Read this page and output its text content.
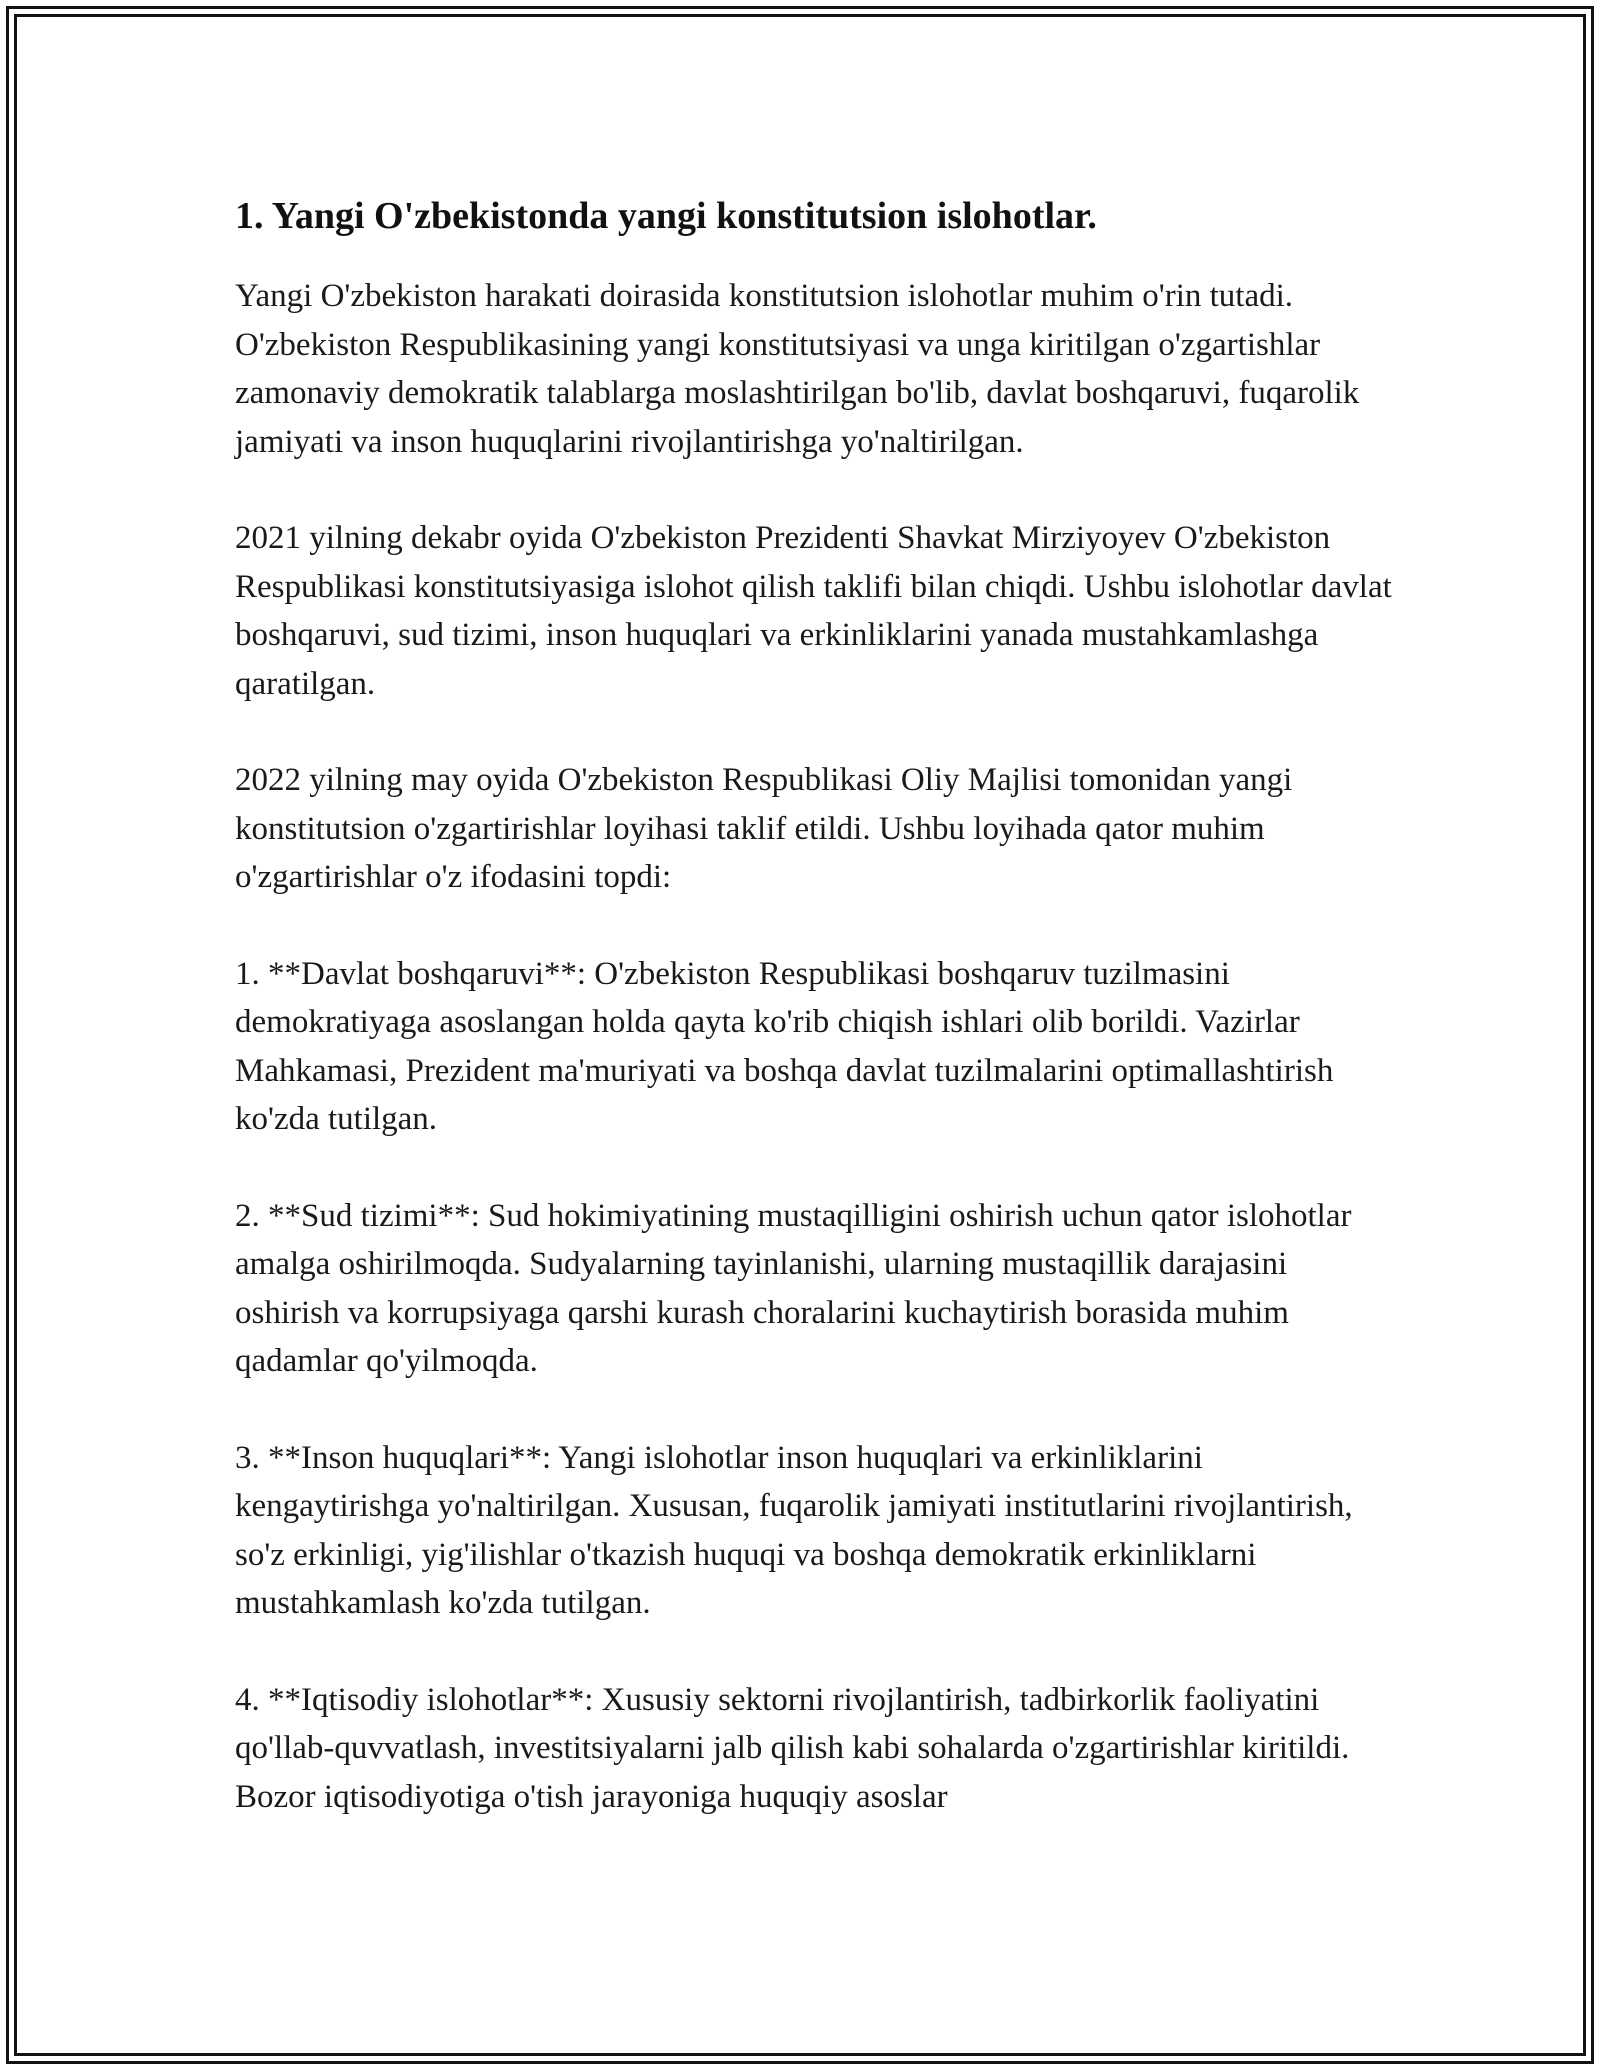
1. Yangi O'zbekistonda yangi konstitutsion islohotlar.

Yangi O'zbekiston harakati doirasida konstitutsion islohotlar muhim o'rin tutadi. O'zbekiston Respublikasining yangi konstitutsiyasi va unga kiritilgan o'zgartishlar zamonaviy demokratik talablarga moslashtirilgan bo'lib, davlat boshqaruvi, fuqarolik jamiyati va inson huquqlarini rivojlantirishga yo'naltirilgan.

2021 yilning dekabr oyida O'zbekiston Prezidenti Shavkat Mirziyoyev O'zbekiston Respublikasi konstitutsiyasiga islohot qilish taklifi bilan chiqdi. Ushbu islohotlar davlat boshqaruvi, sud tizimi, inson huquqlari va erkinliklarini yanada mustahkamlashga qaratilgan.

2022 yilning may oyida O'zbekiston Respublikasi Oliy Majlisi tomonidan yangi konstitutsion o'zgartirishlar loyihasi taklif etildi. Ushbu loyihada qator muhim o'zgartirishlar o'z ifodasini topdi:

1. **Davlat boshqaruvi**: O'zbekiston Respublikasi boshqaruv tuzilmasini demokratiyaga asoslangan holda qayta ko'rib chiqish ishlari olib borildi. Vazirlar Mahkamasi, Prezident ma'muriyati va boshqa davlat tuzilmalarini optimallashtirish ko'zda tutilgan.

2. **Sud tizimi**: Sud hokimiyatining mustaqilligini oshirish uchun qator islohotlar amalga oshirilmoqda. Sudyalarning tayinlanishi, ularning mustaqillik darajasini oshirish va korrupsiyaga qarshi kurash choralarini kuchaytirish borasida muhim qadamlar qo'yilmoqda.

3. **Inson huquqlari**: Yangi islohotlar inson huquqlari va erkinliklarini kengaytirishga yo'naltirilgan. Xususan, fuqarolik jamiyati institutlarini rivojlantirish, so'z erkinligi, yig'ilishlar o'tkazish huquqi va boshqa demokratik erkinliklarni mustahkamlash ko'zda tutilgan.

4. **Iqtisodiy islohotlar**: Xususiy sektorni rivojlantirish, tadbirkorlik faoliyatini qo'llab-quvvatlash, investitsiyalarni jalb qilish kabi sohalarda o'zgartirishlar kiritildi. Bozor iqtisodiyotiga o'tish jarayoniga huquqiy asoslar
